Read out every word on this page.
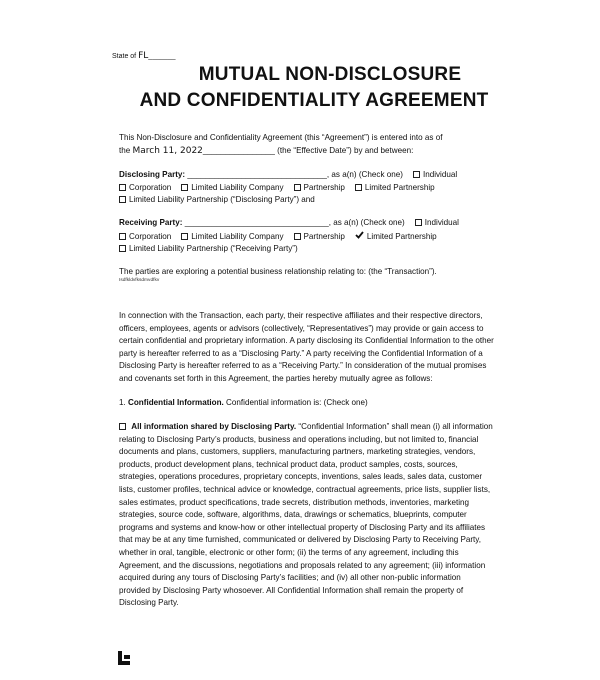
State of FL_______
MUTUAL NON-DISCLOSURE
AND CONFIDENTIALITY AGREEMENT
This Non-Disclosure and Confidentiality Agreement (this “Agreement”) is entered into as of
the March 11, 2022________________ (the “Effective Date”) by and between:
Disclosing Party: _______________________________, as a(n) (Check one) Individual
Corporation Limited Liability Company Partnership Limited Partnership
Limited Liability Partnership (“Disclosing Party”) and
Receiving Party: ________________________________, as a(n) (Check one) Individual
Corporation Limited Liability Company Partnership	Limited Partnership
Limited Liability Partnership (“Receiving Party”)
The parties are exploring a potential business relationship relating to: (the “Transaction”).
Isdfkldvfksdmvdfkv
In connection with the Transaction, each party, their respective affiliates and their respective directors, officers, employees, agents or advisors (collectively, “Representatives”) may provide or gain access to certain confidential and proprietary information. A party disclosing its Confidential Information to the other party is hereafter referred to as a “Disclosing Party.” A party receiving the Confidential Information of a Disclosing Party is hereafter referred to as a “Receiving Party.” In consideration of the mutual promises and covenants set forth in this Agreement, the parties hereby mutually agree as follows:
1. Confidential Information. Confidential information is: (Check one)
All information shared by Disclosing Party. “Confidential Information” shall mean (i) all information relating to Disclosing Party’s products, business and operations including, but not limited to, financial documents and plans, customers, suppliers, manufacturing partners, marketing strategies, vendors, products, product development plans, technical product data, product samples, costs, sources, strategies, operations procedures, proprietary concepts, inventions, sales leads, sales data, customer lists, customer profiles, technical advice or knowledge, contractual agreements, price lists, supplier lists, sales estimates, product specifications, trade secrets, distribution methods, inventories, marketing strategies, source code, software, algorithms, data, drawings or schematics, blueprints, computer programs and systems and know-how or other intellectual property of Disclosing Party and its affiliates that may be at any time furnished, communicated or delivered by Disclosing Party to Receiving Party, whether in oral, tangible, electronic or other form; (ii) the terms of any agreement, including this Agreement, and the discussions, negotiations and proposals related to any agreement; (iii) information acquired during any tours of Disclosing Party’s facilities; and (iv) all other non-public information provided by Disclosing Party whosoever. All Confidential Information shall remain the property of Disclosing Party.
